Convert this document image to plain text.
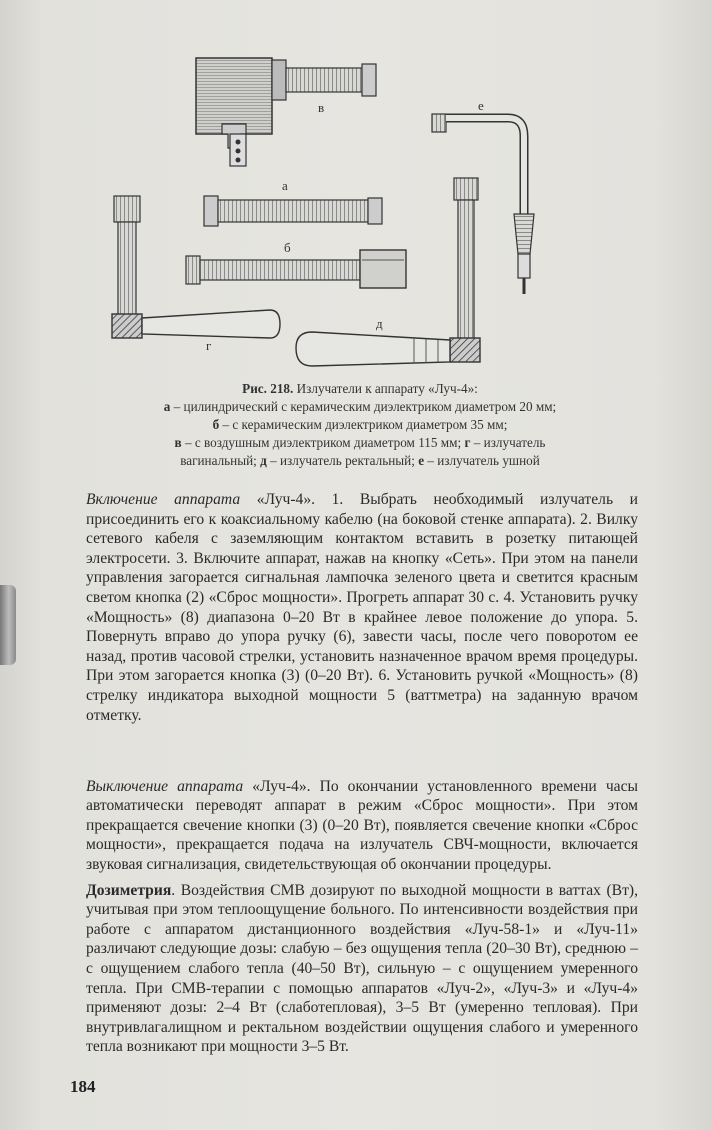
в	е
а
б
г
д
Рис. 218. Излучатели к аппарату «Луч-4»:
а – цилиндрический с керамическим диэлектриком диаметром 20 мм;
б – с керамическим диэлектриком диаметром 35 мм;
в – с воздушным диэлектриком диаметром 115 мм; г – излучатель
вагинальный; д – излучатель ректальный; е – излучатель ушной

Включение аппарата «Луч-4». 1. Выбрать необходимый излучатель и присоединить его к коаксиальному кабелю (на боковой стенке аппарата). 2. Вилку сетевого кабеля с заземляющим контактом вставить в розетку питающей электросети. 3. Включите аппарат, нажав на кнопку «Сеть». При этом на панели управления загорается сигнальная лампочка зеленого цвета и светится красным светом кнопка (2) «Сброс мощности». Прогреть аппарат 30 с. 4. Установить ручку «Мощность» (8) диапазона 0–20 Вт в крайнее левое положение до упора. 5. Повернуть вправо до упора ручку (6), завести часы, после чего поворотом ее назад, против часовой стрелки, установить назначенное врачом время процедуры. При этом загорается кнопка (3) (0–20 Вт). 6. Установить ручкой «Мощность» (8) стрелку индикатора выходной мощности 5 (ваттметра) на заданную врачом отметку.

Выключение аппарата «Луч-4». По окончании установленного времени часы автоматически переводят аппарат в режим «Сброс мощности». При этом прекращается свечение кнопки (3) (0–20 Вт), появляется свечение кнопки «Сброс мощности», прекращается подача на излучатель СВЧ-мощности, включается звуковая сигнализация, свидетельствующая об окончании процедуры.

Дозиметрия. Воздействия СМВ дозируют по выходной мощности в ваттах (Вт), учитывая при этом теплоощущение больного. По интенсивности воздействия при работе с аппаратом дистанционного воздействия «Луч-58-1» и «Луч-11» различают следующие дозы: слабую – без ощущения тепла (20–30 Вт), среднюю – с ощущением слабого тепла (40–50 Вт), сильную – с ощущением умеренного тепла. При СМВ-терапии с помощью аппаратов «Луч-2», «Луч-3» и «Луч-4» применяют дозы: 2–4 Вт (слаботепловая), 3–5 Вт (умеренно тепловая). При внутривлагалищном и ректальном воздействии ощущения слабого и умеренного тепла возникают при мощности 3–5 Вт.

184
